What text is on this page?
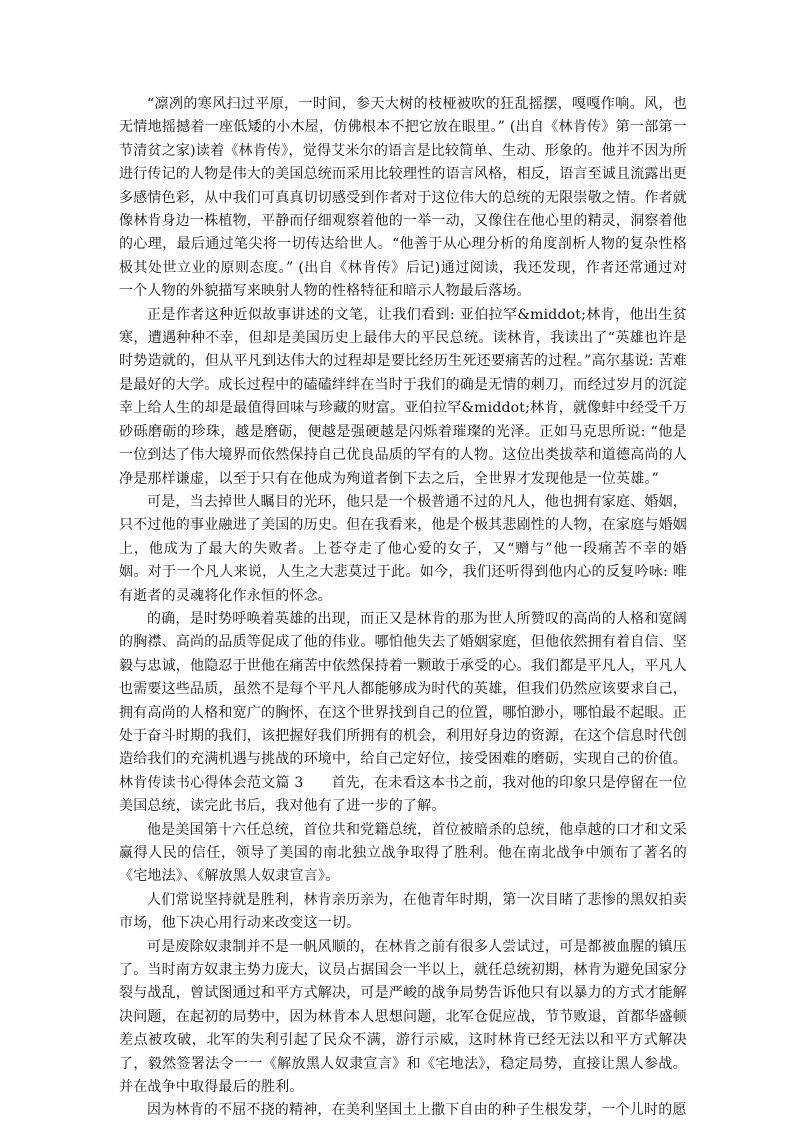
“凛冽的寒风扫过平原，一时间，参天大树的枝桠被吹的狂乱摇摆，嘎嘎作响。风，也无情地摇撼着一座低矮的小木屋，仿佛根本不把它放在眼里。” (出自《林肯传》第一部第一节清贫之家)读着《林肯传》，觉得艾米尔的语言是比较简单、生动、形象的。他并不因为所进行传记的人物是伟大的美国总统而采用比较理性的语言风格，相反，语言至诚且流露出更多感情色彩，从中我们可真真切切感受到作者对于这位伟大的总统的无限崇敬之情。作者就像林肯身边一株植物，平静而仔细观察着他的一举一动，又像住在他心里的精灵，洞察着他的心理，最后通过笔尖将一切传达给世人。“他善于从心理分析的角度剖析人物的复杂性格极其处世立业的原则态度。” (出自《林肯传》后记)通过阅读，我还发现，作者还常通过对一个人物的外貌描写来映射人物的性格特征和暗示人物最后落场。

正是作者这种近似故事讲述的文笔，让我们看到: 亚伯拉罕&middot;林肯，他出生贫寒，遭遇种种不幸，但却是美国历史上最伟大的平民总统。读林肯，我读出了“英雄也许是时势造就的，但从平凡到达伟大的过程却是要比经历生死还要痛苦的过程。”高尔基说: 苦难是最好的大学。成长过程中的磕磕绊绊在当时于我们的确是无情的刺刀，而经过岁月的沉淀幸上给人生的却是最值得回味与珍藏的财富。亚伯拉罕&middot;林肯，就像蚌中经受千万砂砾磨砺的珍珠，越是磨砺，便越是强硬越是闪烁着璀璨的光泽。正如马克思所说: “他是一位到达了伟大境界而依然保持自己优良品质的罕有的人物。这位出类拔萃和道德高尚的人净是那样谦虚，以至于只有在他成为殉道者倒下去之后，全世界才发现他是一位英雄。”

可是，当去掉世人瞩目的光环，他只是一个极普通不过的凡人，他也拥有家庭、婚姻，只不过他的事业融进了美国的历史。但在我看来，他是个极其悲剧性的人物，在家庭与婚姻上，他成为了最大的失败者。上苍夺走了他心爱的女子，又“赠与”他一段痛苦不幸的婚姻。对于一个凡人来说，人生之大悲莫过于此。如今，我们还听得到他内心的反复吟咏: 唯有逝者的灵魂将化作永恒的怀念。

的确，是时势呼唤着英雄的出现，而正又是林肯的那为世人所赞叹的高尚的人格和宽阔的胸襟、高尚的品质等促成了他的伟业。哪怕他失去了婚姻家庭，但他依然拥有着自信、坚毅与忠诚，他隐忍于世他在痛苦中依然保持着一颗敢于承受的心。我们都是平凡人，平凡人也需要这些品质，虽然不是每个平凡人都能够成为时代的英雄，但我们仍然应该要求自己，拥有高尚的人格和宽广的胸怀，在这个世界找到自己的位置，哪怕渺小，哪怕最不起眼。正处于奋斗时期的我们，该把握好我们所拥有的机会，利用好身边的资源，在这个信息时代创造给我们的充满机遇与挑战的环境中，给自己定好位，接受困难的磨砺，实现自己的价值。

林肯传读书心得体会范文篇 3 首先，在未看这本书之前，我对他的印象只是停留在一位美国总统，读完此书后，我对他有了进一步的了解。

他是美国第十六任总统，首位共和党籍总统，首位被暗杀的总统，他卓越的口才和文采赢得人民的信任，领导了美国的南北独立战争取得了胜利。他在南北战争中颁布了著名的《宅地法》、《解放黑人奴隶宣言》。

人们常说坚持就是胜利，林肯亲历亲为，在他青年时期，第一次目睹了悲惨的黑奴拍卖市场，他下决心用行动来改变这一切。

可是废除奴隶制并不是一帆风顺的，在林肯之前有很多人尝试过，可是都被血腥的镇压了。当时南方奴隶主势力庞大，议员占据国会一半以上，就任总统初期，林肯为避免国家分裂与战乱，曾试图通过和平方式解决，可是严峻的战争局势告诉他只有以暴力的方式才能解决问题，在起初的局势中，因为林肯本人思想问题，北军仓促应战，节节败退，首都华盛顿差点被攻破，北军的失利引起了民众不满，游行示威，这时林肯已经无法以和平方式解决了，毅然签署法令一一《解放黑人奴隶宣言》和《宅地法》，稳定局势，直接让黑人参战。并在战争中取得最后的胜利。

因为林肯的不屈不挠的精神，在美利坚国土上撒下自由的种子生根发芽，一个儿时的愿
